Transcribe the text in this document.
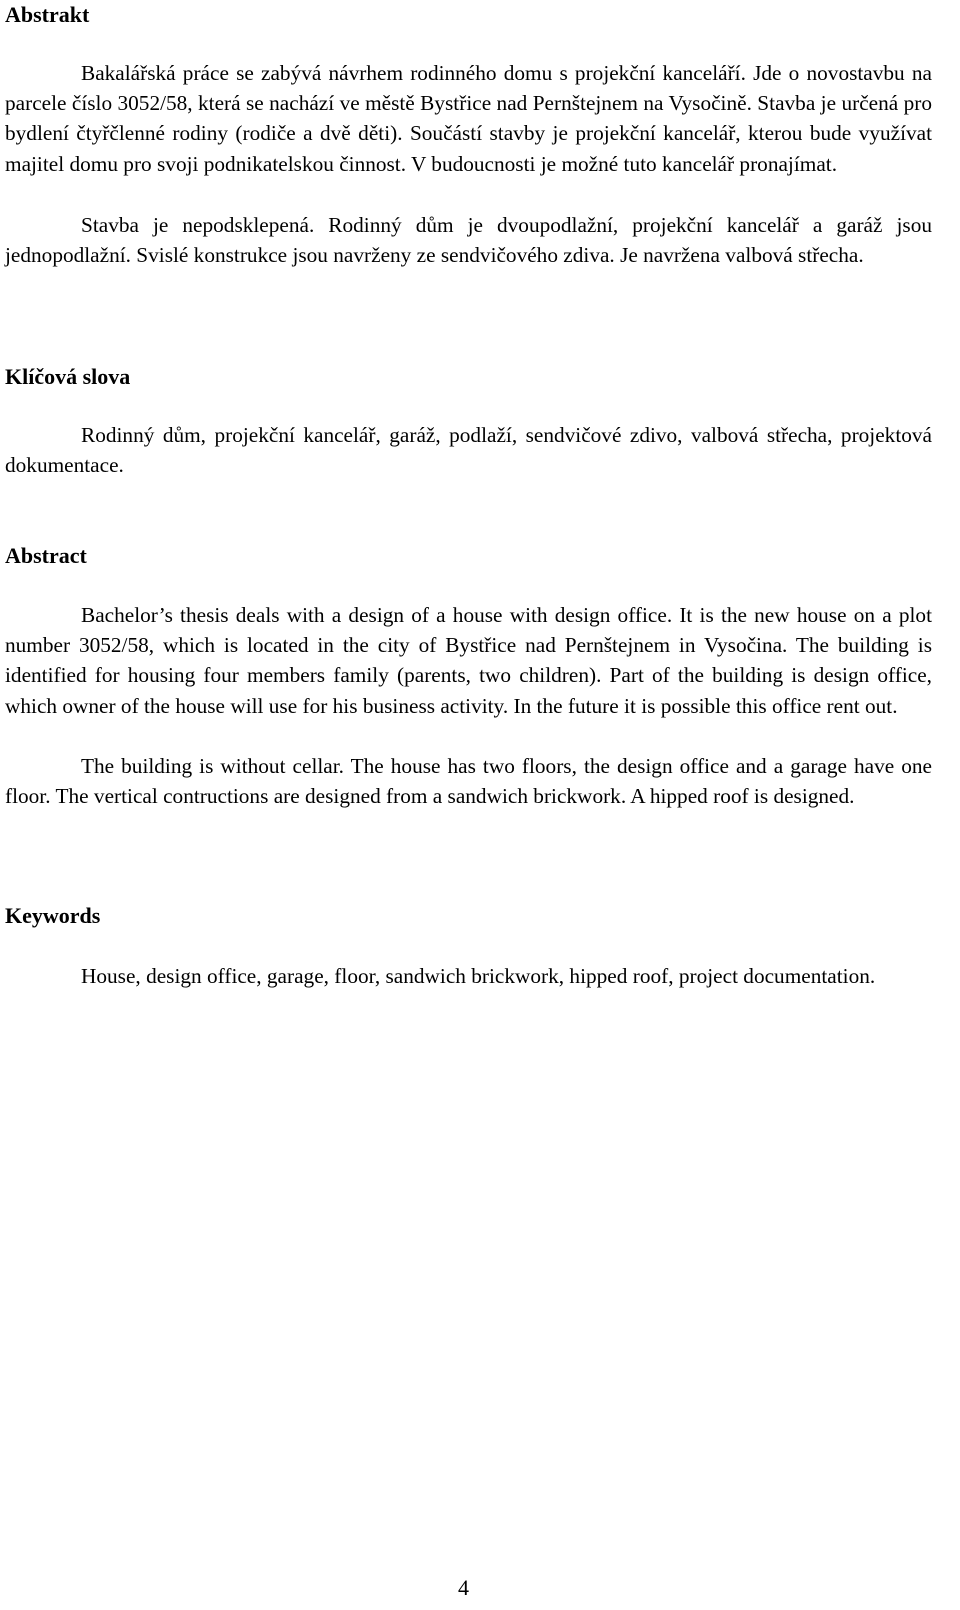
Abstrakt

Bakalářská práce se zabývá návrhem rodinného domu s projekční kanceláří. Jde o novostavbu na parcele číslo 3052/58, která se nachází ve městě Bystřice nad Pernštejnem na Vysočině. Stavba je určená pro bydlení čtyřčlenné rodiny (rodiče a dvě děti). Součástí stavby je projekční kancelář, kterou bude využívat majitel domu pro svoji podnikatelskou činnost. V budoucnosti je možné tuto kancelář pronajímat.

Stavba je nepodsklepená. Rodinný dům je dvoupodlažní, projekční kancelář a garáž jsou jednopodlažní. Svislé konstrukce jsou navrženy ze sendvičového zdiva. Je navržena valbová střecha.

Klíčová slova

Rodinný dům, projekční kancelář, garáž, podlaží, sendvičové zdivo, valbová střecha, projektová dokumentace.

Abstract

Bachelor’s thesis deals with a design of a house with design office. It is the new house on a plot number 3052/58, which is located in the city of Bystřice nad Pernštejnem in Vysočina. The building is identified for housing four members family (parents, two children). Part of the building is design office, which owner of the house will use for his business activity. In the future it is possible this office rent out.

The building is without cellar. The house has two floors, the design office and a garage have one floor. The vertical contructions are designed from a sandwich brickwork. A hipped roof is designed.

Keywords

House, design office, garage, floor, sandwich brickwork, hipped roof, project documentation.

4
